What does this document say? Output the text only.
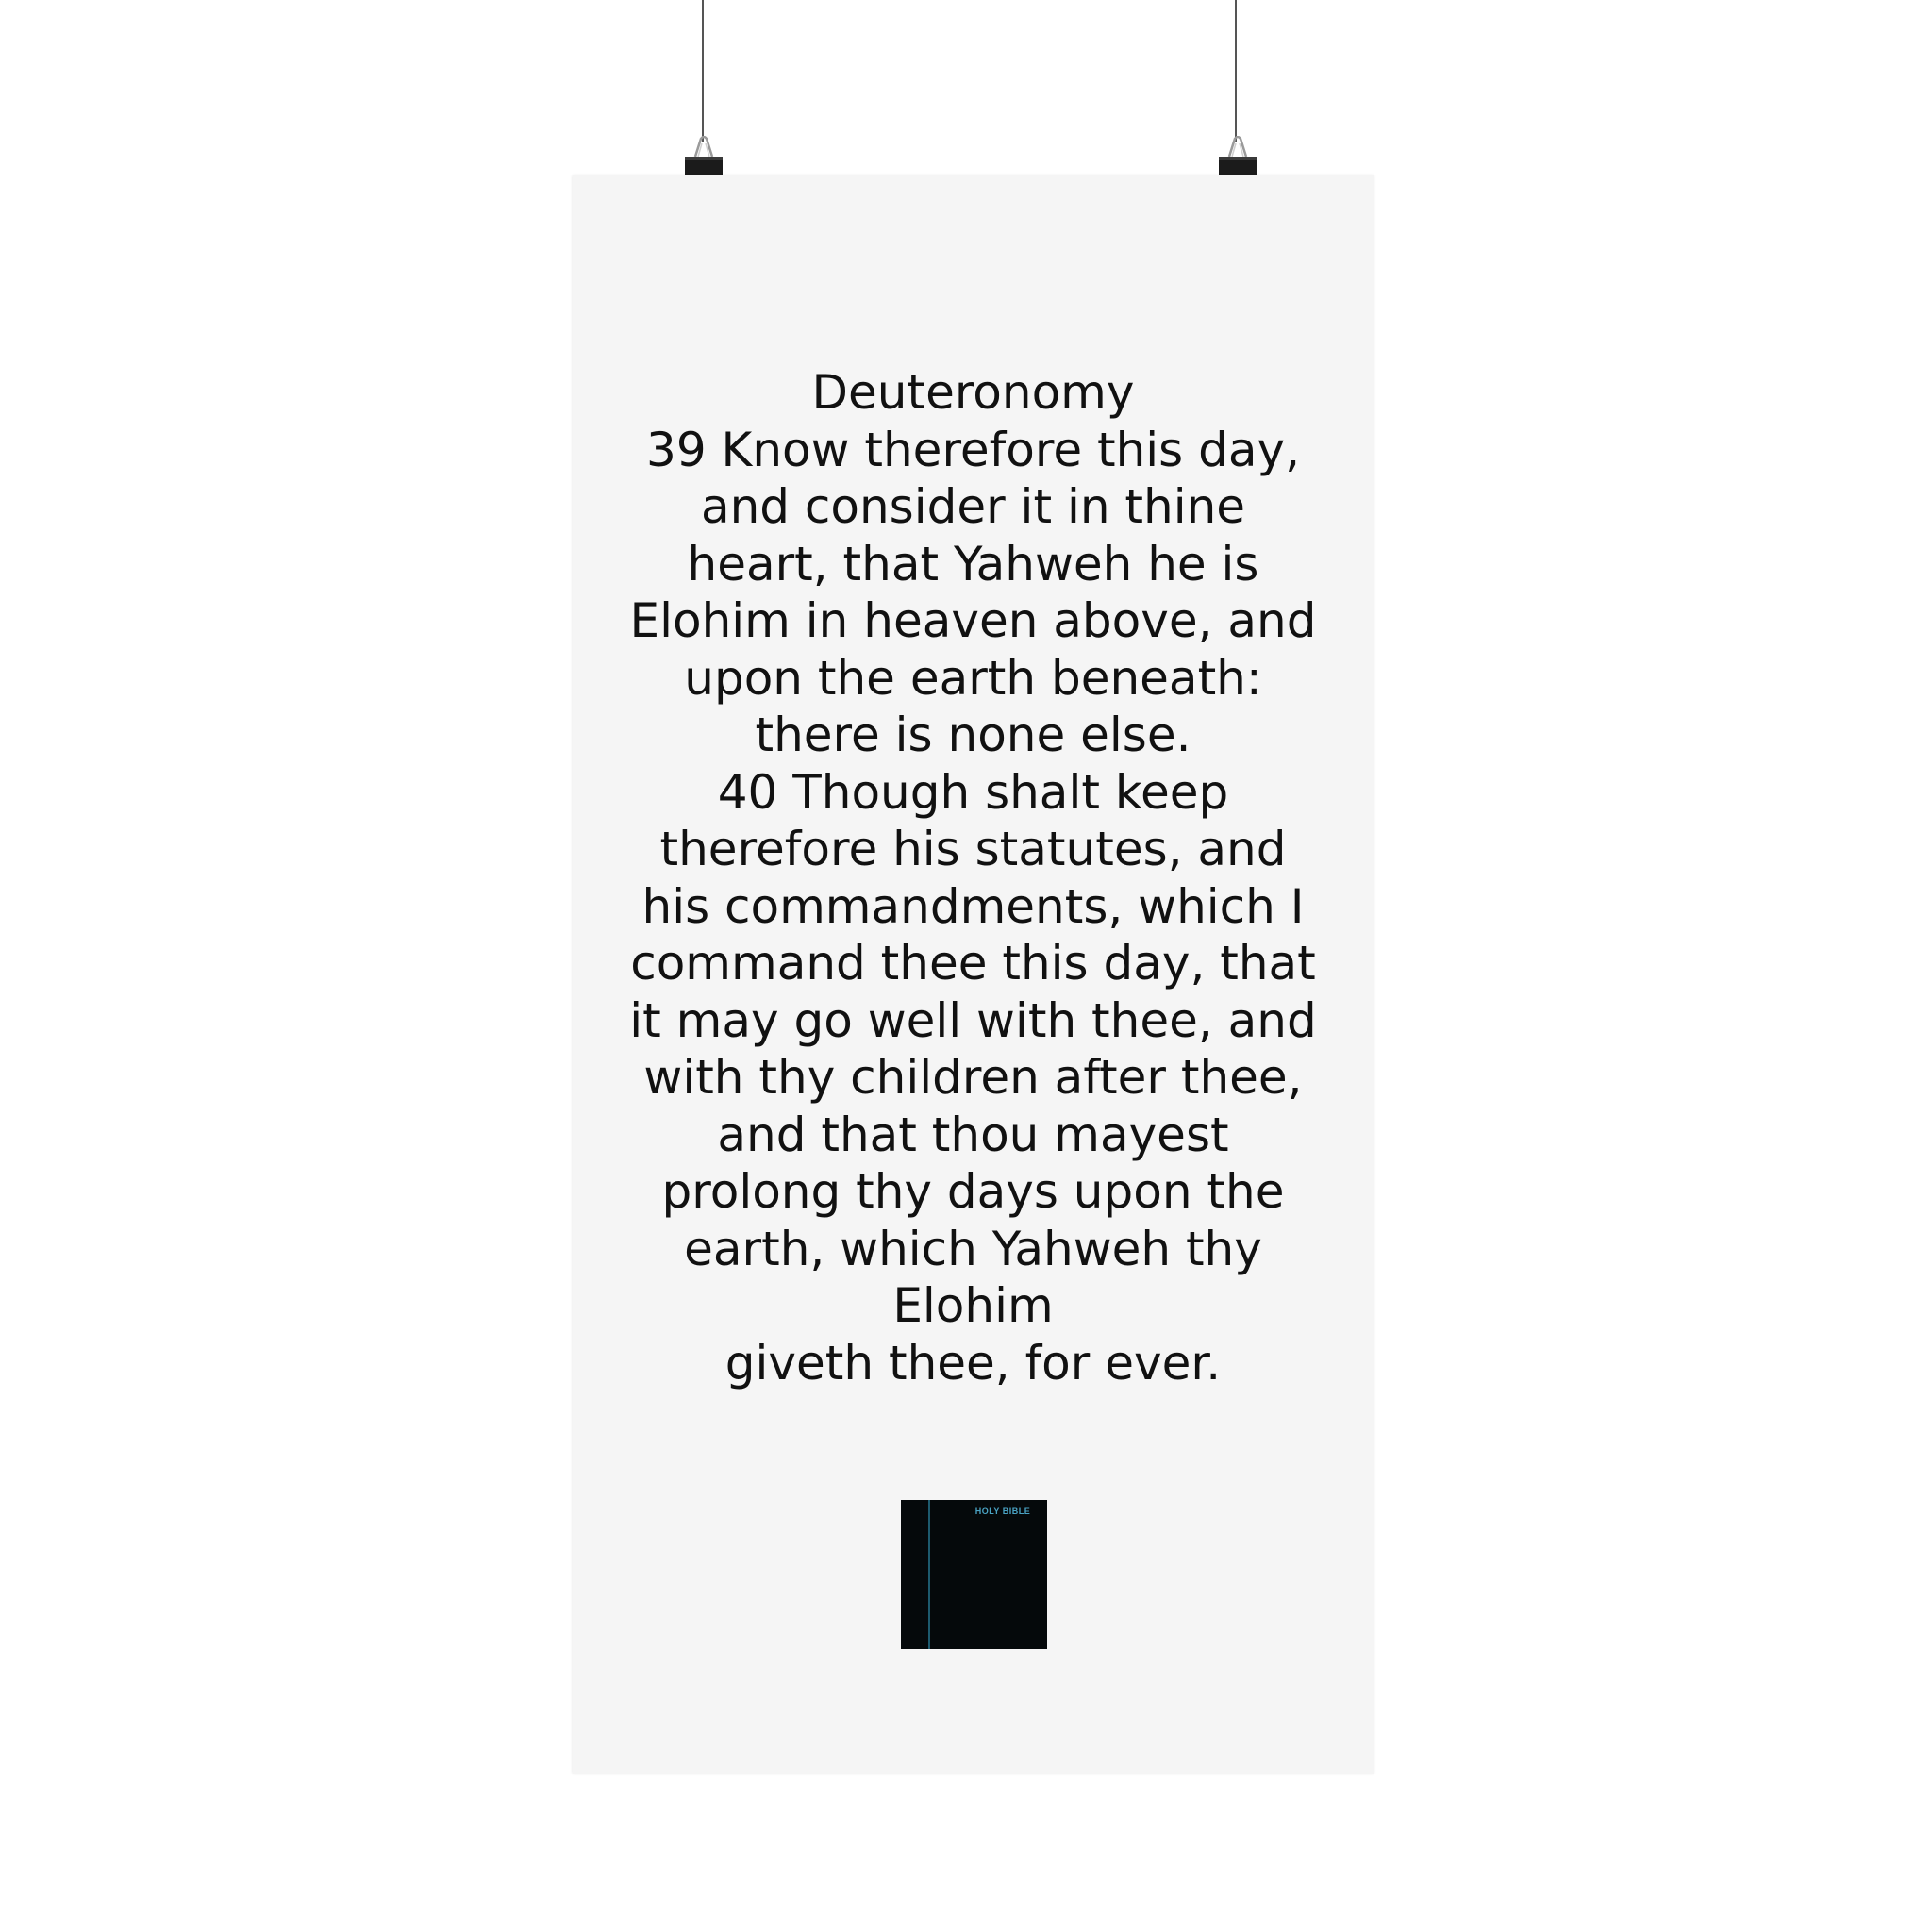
Deuteronomy
39 Know therefore this day,
and consider it in thine
heart, that Yahweh he is
Elohim in heaven above, and
upon the earth beneath:
there is none else.
40 Though shalt keep
therefore his statutes, and
his commandments, which I
command thee this day, that
it may go well with thee, and
with thy children after thee,
and that thou mayest
prolong thy days upon the
earth, which Yahweh thy
Elohim
giveth thee, for ever.
HOLY BIBLE
